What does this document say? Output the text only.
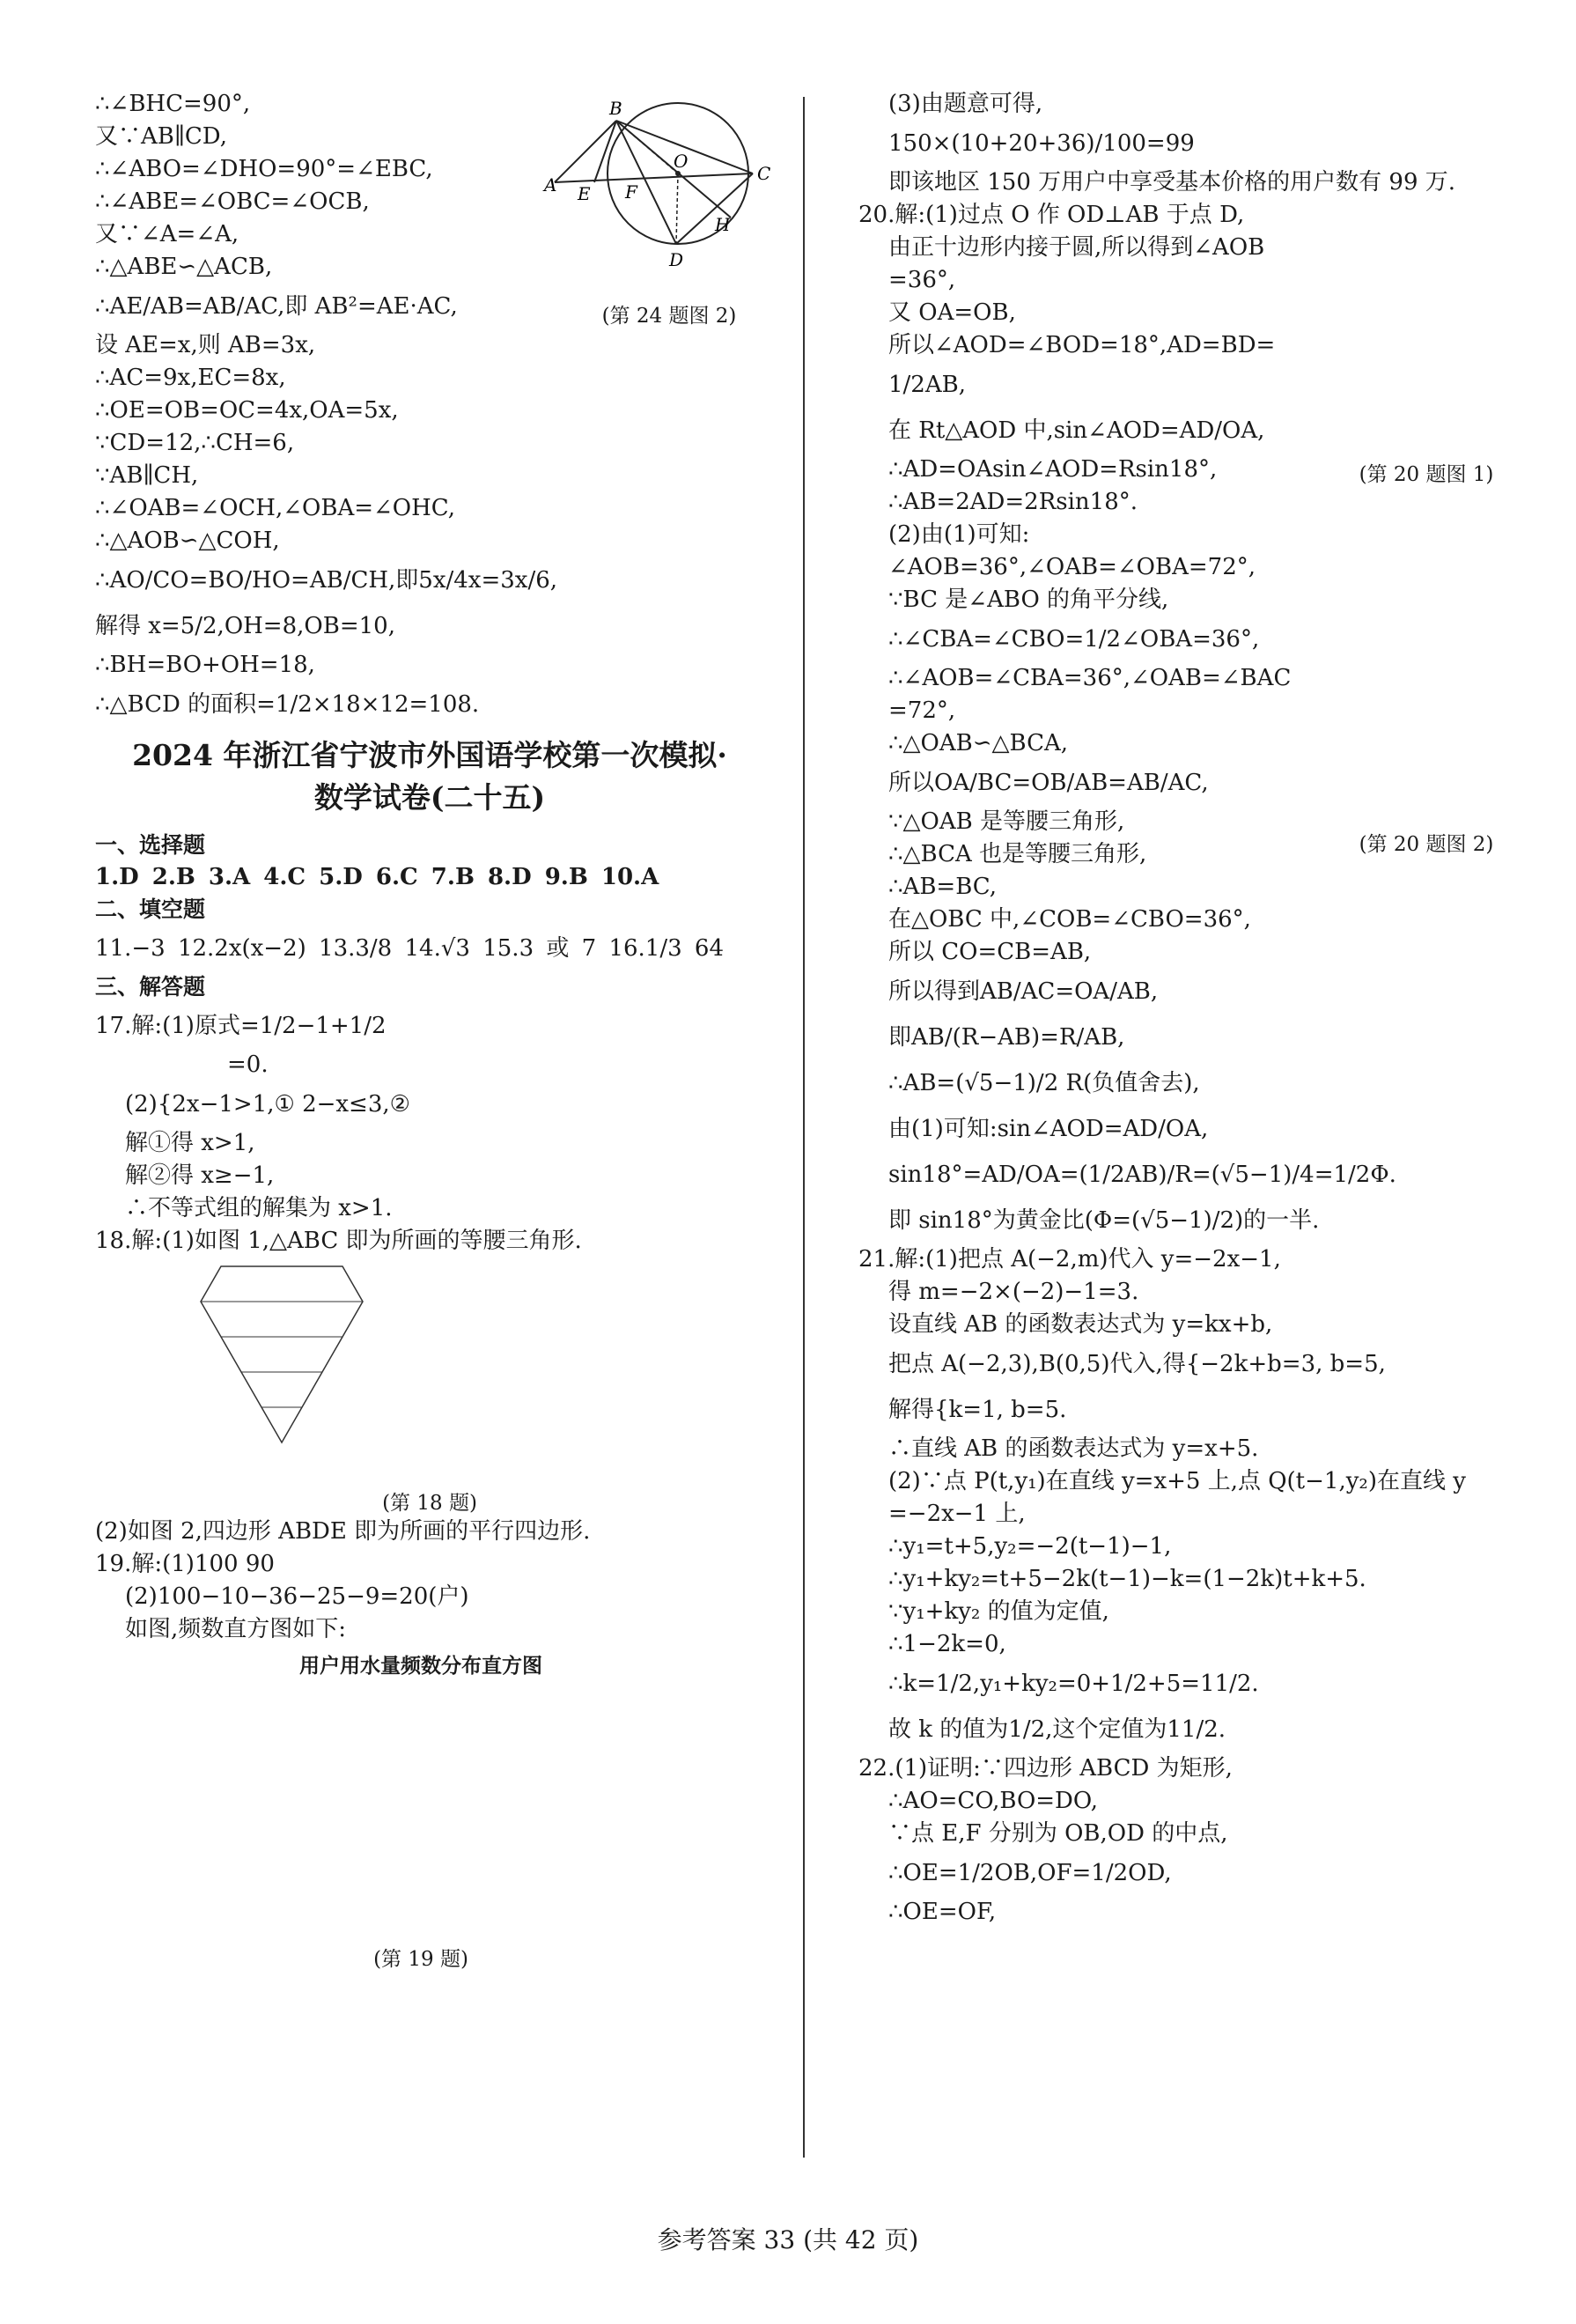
∴∠BHC=90°,
又∵AB∥CD,
∴∠ABO=∠DHO=90°=∠EBC,
∴∠ABE=∠OBC=∠OCB,
又∵∠A=∠A,
∴△ABE∽△ACB,
∴AE/AB=AB/AC,即 AB²=AE·AC,
设 AE=x,则 AB=3x,
∴AC=9x,EC=8x,
∴OE=OB=OC=4x,OA=5x,
∵CD=12,∴CH=6,
∵AB∥CH,
∴∠OAB=∠OCH,∠OBA=∠OHC,
∴△AOB∽△COH,
∴AO/CO=BO/HO=AB/CH,即5x/4x=3x/6,
解得 x=5/2,OH=8,OB=10,
∴BH=BO+OH=18,
∴△BCD 的面积=1/2×18×12=108.
2024 年浙江省宁波市外国语学校第一次模拟·
数学试卷(二十五)
一、选择题
1.D 2.B 3.A 4.C 5.D 6.C 7.B 8.D 9.B 10.A
二、填空题
11.−3 12.2x(x−2) 13.3/8 14.√3 15.3 或 7 16.1/3 64
三、解答题
17.解:(1)原式=1/2−1+1/2
=0.
(2){2x−1>1,① 2−x≤3,②
解①得 x>1,
解②得 x≥−1,
∴不等式组的解集为 x>1.
18.解:(1)如图 1,△ABC 即为所画的等腰三角形.
(第 18 题)
(2)如图 2,四边形 ABDE 即为所画的平行四边形.
19.解:(1)100 90
(2)100−10−36−25−9=20(户)
如图,频数直方图如下:
用户用水量频数分布直方图
(第 19 题)
B
O
A E F
C
H
D
(第 24 题图 2)
(3)由题意可得,
150×(10+20+36)/100=99
即该地区 150 万用户中享受基本价格的用户数有 99 万.
20.解:(1)过点 O 作 OD⊥AB 于点 D,
由正十边形内接于圆,所以得到∠AOB
=36°,
又 OA=OB,
所以∠AOD=∠BOD=18°,AD=BD=
1/2AB,
在 Rt△AOD 中,sin∠AOD=AD/OA,
∴AD=OAsin∠AOD=Rsin18°,
∴AB=2AD=2Rsin18°.
(2)由(1)可知:
∠AOB=36°,∠OAB=∠OBA=72°,
∵BC 是∠ABO 的角平分线,
∴∠CBA=∠CBO=1/2∠OBA=36°,
∴∠AOB=∠CBA=36°,∠OAB=∠BAC
=72°,
∴△OAB∽△BCA,
所以OA/BC=OB/AB=AB/AC,
∵△OAB 是等腰三角形,
∴△BCA 也是等腰三角形,
∴AB=BC,
在△OBC 中,∠COB=∠CBO=36°,
所以 CO=CB=AB,
所以得到AB/AC=OA/AB,
即AB/(R−AB)=R/AB,
∴AB=(√5−1)/2 R(负值舍去),
由(1)可知:sin∠AOD=AD/OA,
sin18°=AD/OA=(1/2AB)/R=(√5−1)/4=1/2Φ.
即 sin18°为黄金比(Φ=(√5−1)/2)的一半.
21.解:(1)把点 A(−2,m)代入 y=−2x−1,
得 m=−2×(−2)−1=3.
设直线 AB 的函数表达式为 y=kx+b,
把点 A(−2,3),B(0,5)代入,得{−2k+b=3, b=5,
解得{k=1, b=5.
∴直线 AB 的函数表达式为 y=x+5.
(2)∵点 P(t,y₁)在直线 y=x+5 上,点 Q(t−1,y₂)在直线 y
=−2x−1 上,
∴y₁=t+5,y₂=−2(t−1)−1,
∴y₁+ky₂=t+5−2k(t−1)−k=(1−2k)t+k+5.
∵y₁+ky₂ 的值为定值,
∴1−2k=0,
∴k=1/2,y₁+ky₂=0+1/2+5=11/2.
故 k 的值为1/2,这个定值为11/2.
22.(1)证明:∵四边形 ABCD 为矩形,
∴AO=CO,BO=DO,
∵点 E,F 分别为 OB,OD 的中点,
∴OE=1/2OB,OF=1/2OD,
∴OE=OF,
(第 20 题图 1)
(第 20 题图 2)
参考答案 33 (共 42 页)
